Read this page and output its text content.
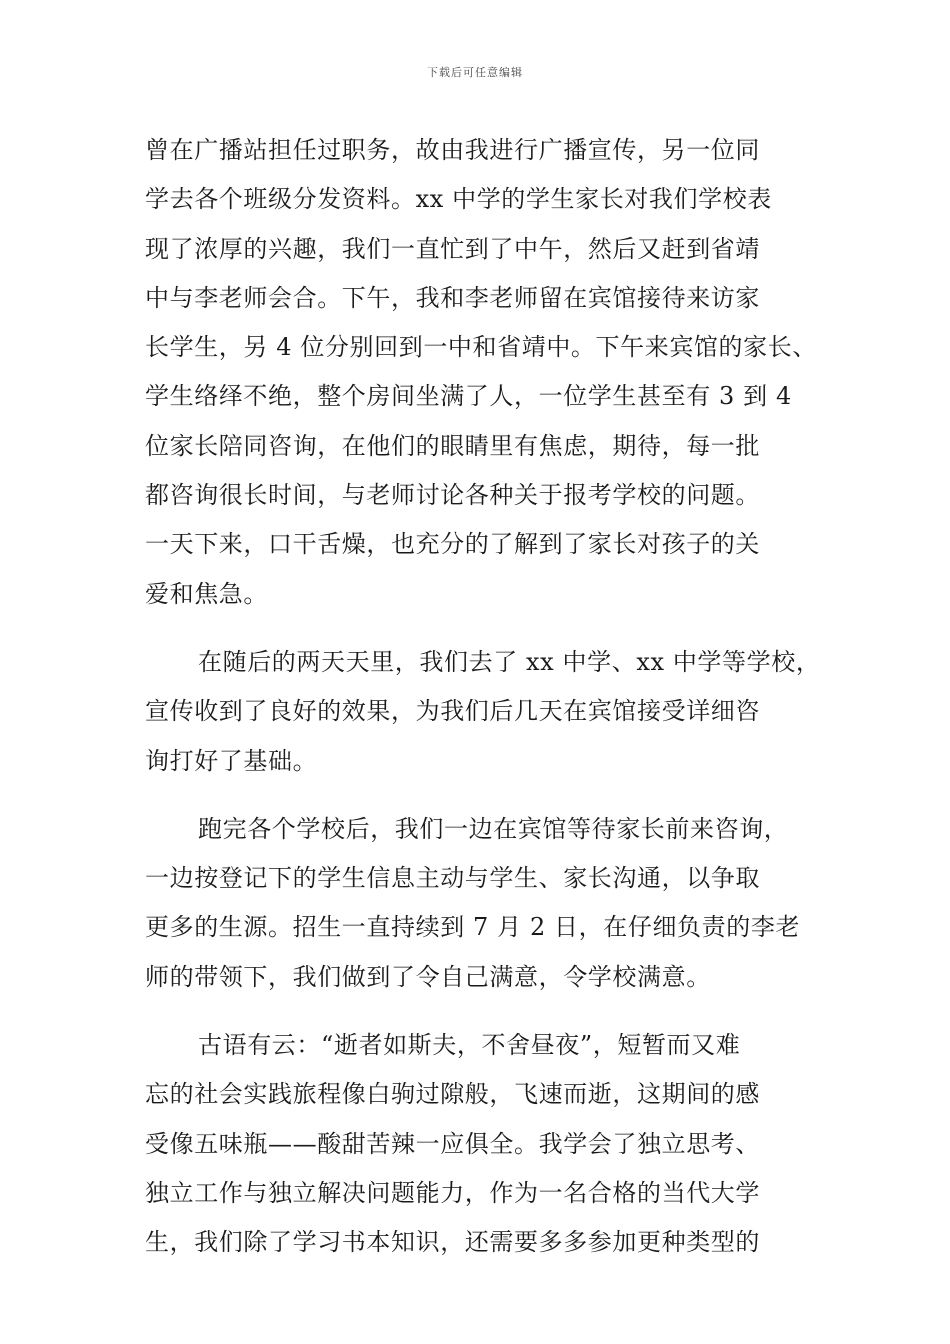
下载后可任意编辑
曾在广播站担任过职务，故由我进行广播宣传，另一位同
学去各个班级分发资料。xx 中学的学生家长对我们学校表
现了浓厚的兴趣，我们一直忙到了中午，然后又赶到省靖
中与李老师会合。下午，我和李老师留在宾馆接待来访家
长学生，另 4 位分别回到一中和省靖中。下午来宾馆的家长、
学生络绎不绝，整个房间坐满了人，一位学生甚至有 3 到 4
位家长陪同咨询，在他们的眼睛里有焦虑，期待，每一批
都咨询很长时间，与老师讨论各种关于报考学校的问题。
一天下来，口干舌燥，也充分的了解到了家长对孩子的关
爱和焦急。
在随后的两天天里，我们去了 xx 中学、xx 中学等学校，
宣传收到了良好的效果，为我们后几天在宾馆接受详细咨
询打好了基础。
跑完各个学校后，我们一边在宾馆等待家长前来咨询，
一边按登记下的学生信息主动与学生、家长沟通，以争取
更多的生源。招生一直持续到 7 月 2 日，在仔细负责的李老
师的带领下，我们做到了令自己满意，令学校满意。
古语有云：“逝者如斯夫，不舍昼夜”，短暂而又难
忘的社会实践旅程像白驹过隙般，飞速而逝，这期间的感
受像五味瓶——酸甜苦辣一应俱全。我学会了独立思考、
独立工作与独立解决问题能力，作为一名合格的当代大学
生，我们除了学习书本知识，还需要多多参加更种类型的
